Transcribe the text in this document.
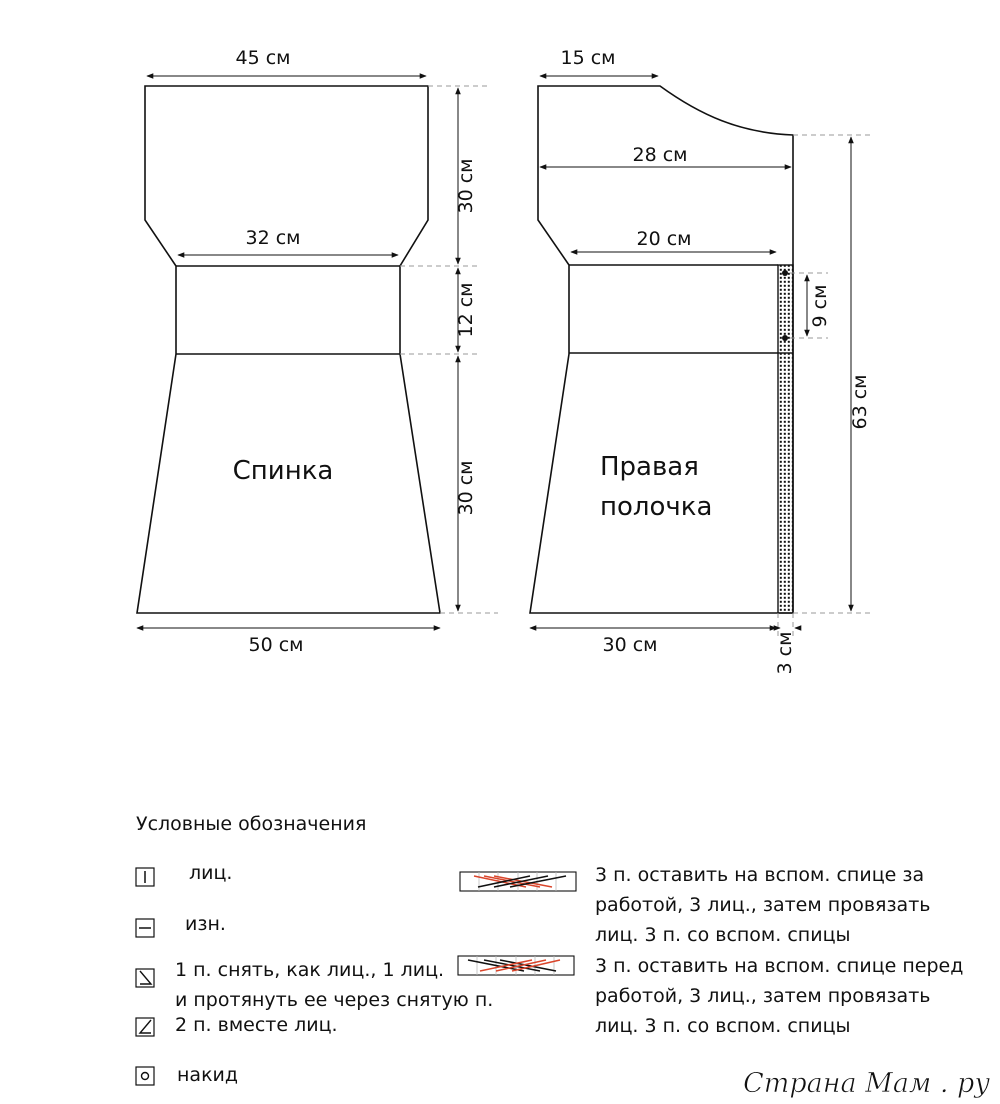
45 см
32 см
50 см
30 см
12 см
30 см
Спинка
15 см
28 см
20 см
30 см
63 см
9 см
3 см
Правая
полочка
Условные обозначения
лиц.
изн.
1 п. снять, как лиц., 1 лиц.
и протянуть ее через снятую п.
2 п. вместе лиц.
накид
3 п. оставить на вспом. спице за
работой, 3 лиц., затем провязать
лиц. 3 п. со вспом. спицы
3 п. оставить на вспом. спице перед
работой, 3 лиц., затем провязать
лиц. 3 п. со вспом. спицы
Страна Мам . ру
